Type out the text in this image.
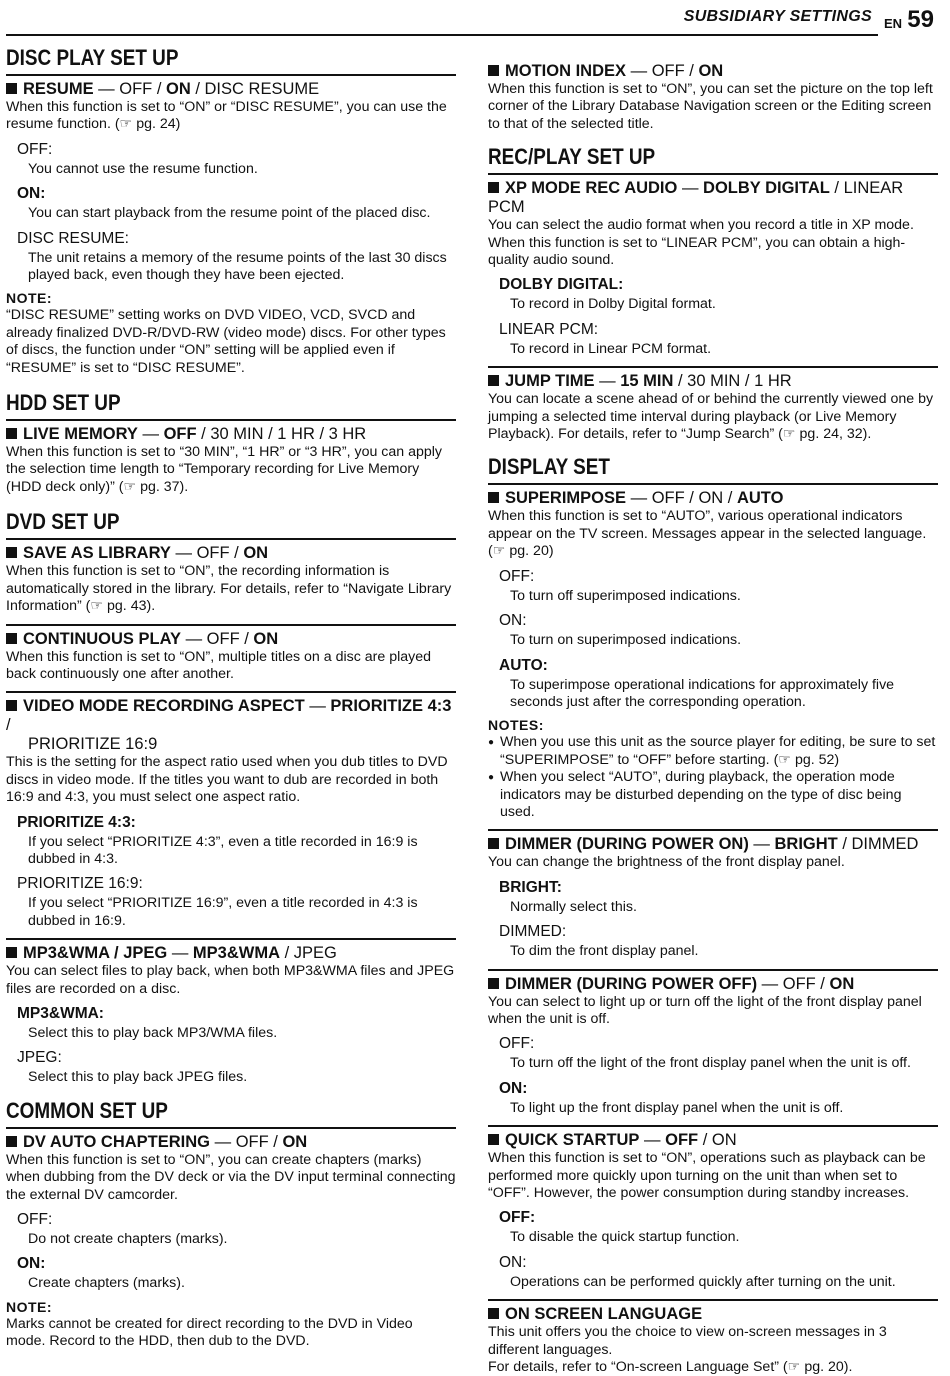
SUBSIDIARY SETTINGS EN 59
DISC PLAY SET UP
RESUME — OFF / ON / DISC RESUME

When this function is set to “ON” or “DISC RESUME”, you can use the resume function. (☞ pg. 24)

OFF:
You cannot use the resume function.
ON:
You can start playback from the resume point of the placed disc.
DISC RESUME:
The unit retains a memory of the resume points of the last 30 discs played back, even though they have been ejected.
NOTE:

“DISC RESUME” setting works on DVD VIDEO, VCD, SVCD and already finalized DVD-R/DVD-RW (video mode) discs. For other types of discs, the function under “ON” setting will be applied even if “RESUME” is set to “DISC RESUME”.

HDD SET UP
LIVE MEMORY — OFF / 30 MIN / 1 HR / 3 HR

When this function is set to “30 MIN”, “1 HR” or “3 HR”, you can apply the selection time length to “Temporary recording for Live Memory (HDD deck only)” (☞ pg. 37).

DVD SET UP
SAVE AS LIBRARY — OFF / ON

When this function is set to “ON”, the recording information is automatically stored in the library. For details, refer to “Navigate Library Information” (☞ pg. 43).

CONTINUOUS PLAY — OFF / ON

When this function is set to “ON”, multiple titles on a disc are played back continuously one after another.

VIDEO MODE RECORDING ASPECT — PRIORITIZE 4:3 /
PRIORITIZE 16:9

This is the setting for the aspect ratio used when you dub titles to DVD discs in video mode. If the titles you want to dub are recorded in both 16:9 and 4:3, you must select one aspect ratio.

PRIORITIZE 4:3:
If you select “PRIORITIZE 4:3”, even a title recorded in 16:9 is dubbed in 4:3.
PRIORITIZE 16:9:
If you select “PRIORITIZE 16:9”, even a title recorded in 4:3 is dubbed in 16:9.
MP3&WMA / JPEG — MP3&WMA / JPEG

You can select files to play back, when both MP3&WMA files and JPEG files are recorded on a disc.

MP3&WMA:
Select this to play back MP3/WMA files.
JPEG:
Select this to play back JPEG files.
COMMON SET UP
DV AUTO CHAPTERING — OFF / ON

When this function is set to “ON”, you can create chapters (marks) when dubbing from the DV deck or via the DV input terminal connecting the external DV camcorder.

OFF:
Do not create chapters (marks).
ON:
Create chapters (marks).
NOTE:

Marks cannot be created for direct recording to the DVD in Video mode. Record to the HDD, then dub to the DVD.

MOTION INDEX — OFF / ON

When this function is set to “ON”, you can set the picture on the top left corner of the Library Database Navigation screen or the Editing screen to that of the selected title.

REC/PLAY SET UP
XP MODE REC AUDIO — DOLBY DIGITAL / LINEAR PCM

You can select the audio format when you record a title in XP mode. When this function is set to “LINEAR PCM”, you can obtain a high-quality audio sound.

DOLBY DIGITAL:
To record in Dolby Digital format.
LINEAR PCM:
To record in Linear PCM format.
JUMP TIME — 15 MIN / 30 MIN / 1 HR

You can locate a scene ahead of or behind the currently viewed one by jumping a selected time interval during playback (or Live Memory Playback). For details, refer to “Jump Search” (☞ pg. 24, 32).

DISPLAY SET
SUPERIMPOSE — OFF / ON / AUTO

When this function is set to “AUTO”, various operational indicators appear on the TV screen. Messages appear in the selected language. (☞ pg. 20)

OFF:
To turn off superimposed indications.
ON:
To turn on superimposed indications.
AUTO:
To superimpose operational indications for approximately five seconds just after the corresponding operation.
NOTES:
● When you use this unit as the source player for editing, be sure to set “SUPERIMPOSE” to “OFF” before starting. (☞ pg. 52)
● When you select “AUTO”, during playback, the operation mode indicators may be disturbed depending on the type of disc being used.
DIMMER (DURING POWER ON) — BRIGHT / DIMMED

You can change the brightness of the front display panel.

BRIGHT:
Normally select this.
DIMMED:
To dim the front display panel.
DIMMER (DURING POWER OFF) — OFF / ON

You can select to light up or turn off the light of the front display panel when the unit is off.

OFF:
To turn off the light of the front display panel when the unit is off.
ON:
To light up the front display panel when the unit is off.
QUICK STARTUP — OFF / ON

When this function is set to “ON”, operations such as playback can be performed more quickly upon turning on the unit than when set to “OFF”. However, the power consumption during standby increases.

OFF:
To disable the quick startup function.
ON:
Operations can be performed quickly after turning on the unit.
ON SCREEN LANGUAGE

This unit offers you the choice to view on-screen messages in 3 different languages.

For details, refer to “On-screen Language Set” (☞ pg. 20).
